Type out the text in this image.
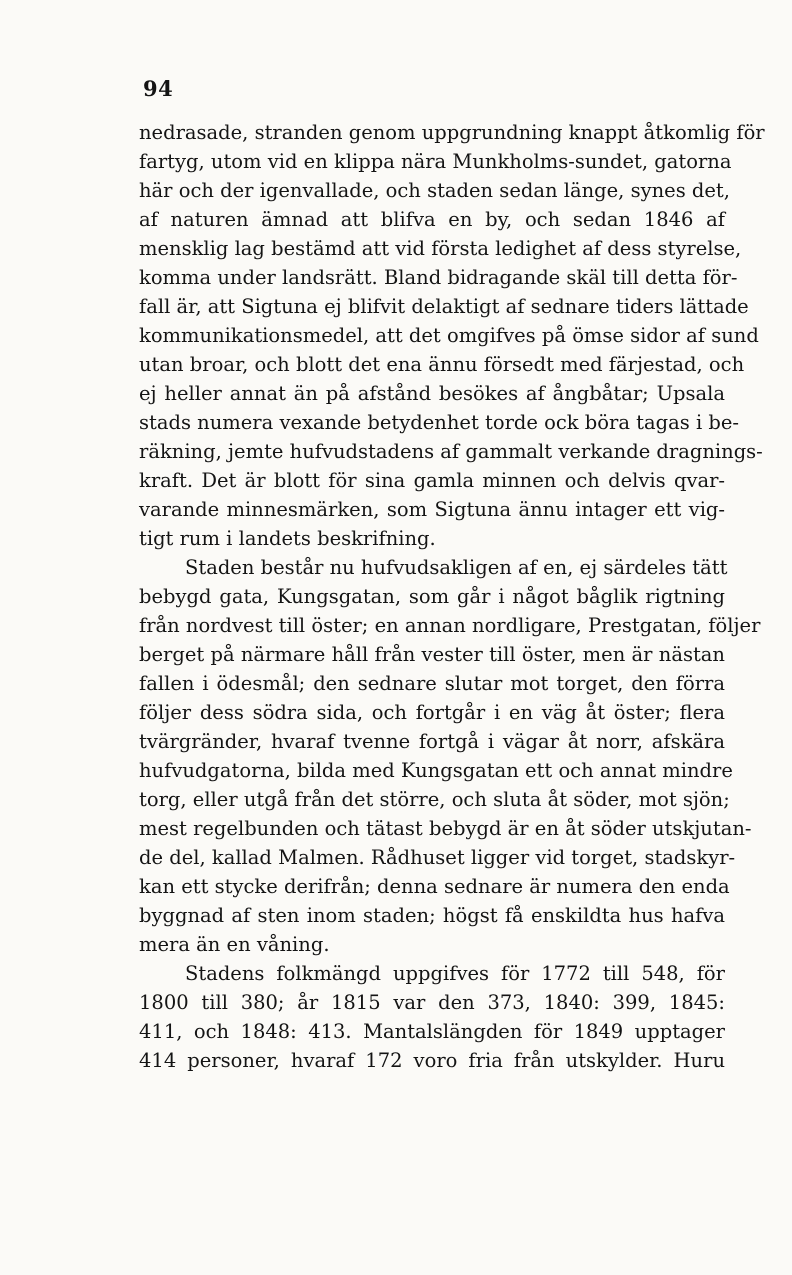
94
nedrasade, stranden genom uppgrundning knappt åtkomlig för
fartyg, utom vid en klippa nära Munkholms-sundet, gatorna
här och der igenvallade, och staden sedan länge, synes det,
af naturen ämnad att blifva en by, och sedan 1846 af
mensklig lag bestämd att vid första ledighet af dess styrelse,
komma under landsrätt. Bland bidragande skäl till detta för-
fall är, att Sigtuna ej blifvit delaktigt af sednare tiders lättade
kommunikationsmedel, att det omgifves på ömse sidor af sund
utan broar, och blott det ena ännu försedt med färjestad, och
ej heller annat än på afstånd besökes af ångbåtar; Upsala
stads numera vexande betydenhet torde ock böra tagas i be-
räkning, jemte hufvudstadens af gammalt verkande dragnings-
kraft. Det är blott för sina gamla minnen och delvis qvar-
varande minnesmärken, som Sigtuna ännu intager ett vig-
tigt rum i landets beskrifning.
Staden består nu hufvudsakligen af en, ej särdeles tätt
bebygd gata, Kungsgatan, som går i något båglik rigtning
från nordvest till öster; en annan nordligare, Prestgatan, följer
berget på närmare håll från vester till öster, men är nästan
fallen i ödesmål; den sednare slutar mot torget, den förra
följer dess södra sida, och fortgår i en väg åt öster; flera
tvärgränder, hvaraf tvenne fortgå i vägar åt norr, afskära
hufvudgatorna, bilda med Kungsgatan ett och annat mindre
torg, eller utgå från det större, och sluta åt söder, mot sjön;
mest regelbunden och tätast bebygd är en åt söder utskjutan-
de del, kallad Malmen. Rådhuset ligger vid torget, stadskyr-
kan ett stycke derifrån; denna sednare är numera den enda
byggnad af sten inom staden; högst få enskildta hus hafva
mera än en våning.
Stadens folkmängd uppgifves för 1772 till 548, för
1800 till 380; år 1815 var den 373, 1840: 399, 1845:
411, och 1848: 413. Mantalslängden för 1849 upptager
414 personer, hvaraf 172 voro fria från utskylder. Huru
